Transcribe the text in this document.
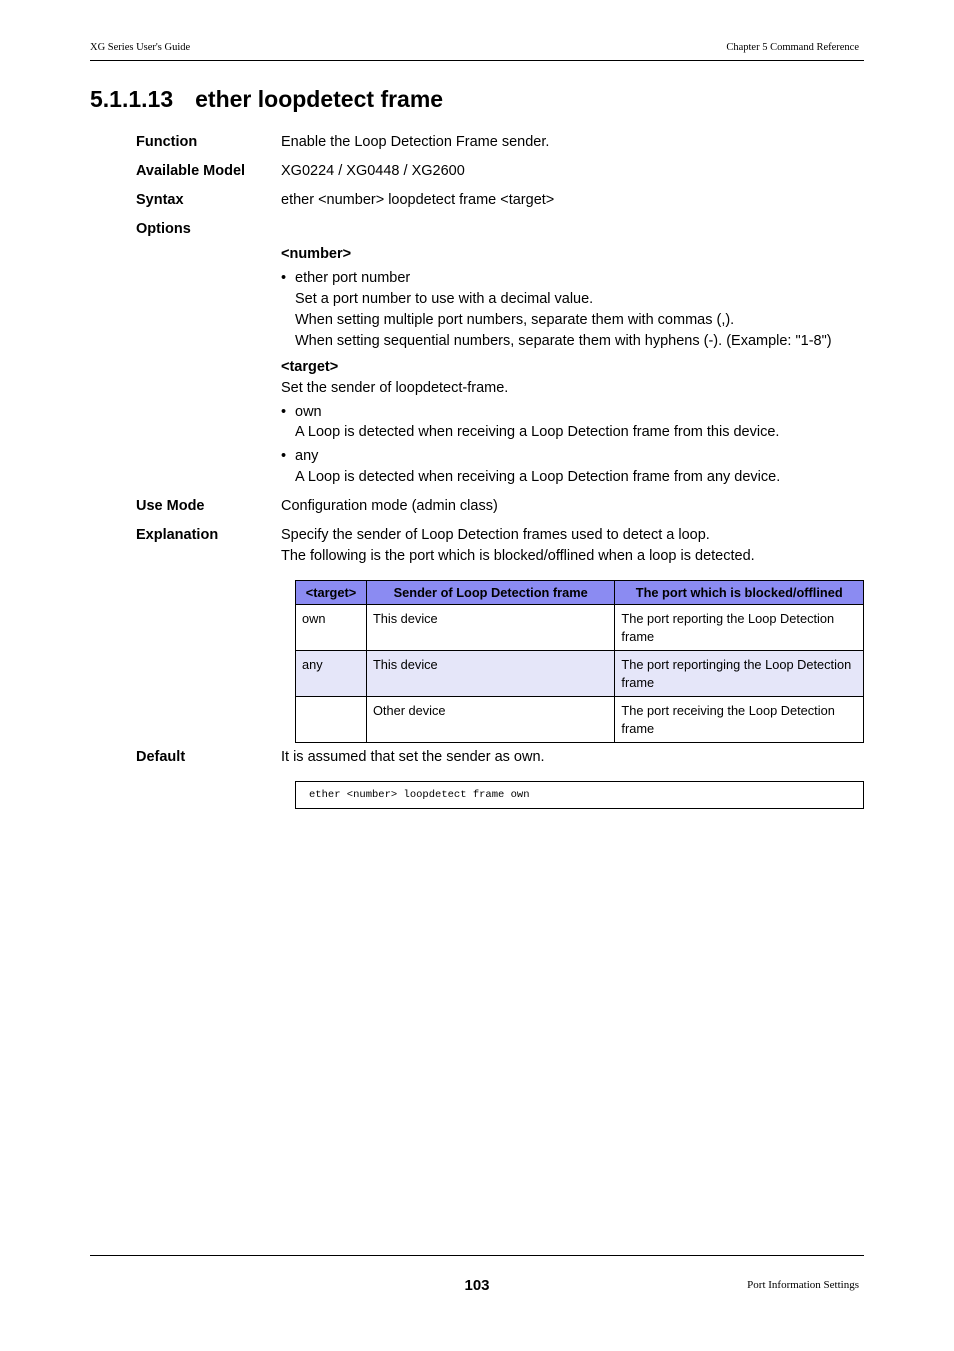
XG Series User's Guide	Chapter 5 Command Reference
5.1.1.13 ether loopdetect frame
Function	Enable the Loop Detection Frame sender.
Available Model XG0224 / XG0448 / XG2600
Syntax	ether <number> loopdetect frame <target>
Options
<number>
• ether port number
Set a port number to use with a decimal value.
When setting multiple port numbers, separate them with commas (,).
When setting sequential numbers, separate them with hyphens (-). (Example: "1-8")
<target>
Set the sender of loopdetect-frame.
• own
A Loop is detected when receiving a Loop Detection frame from this device.
• any
A Loop is detected when receiving a Loop Detection frame from any device.
Use Mode	Configuration mode (admin class)
Explanation	Specify the sender of Loop Detection frames used to detect a loop.
The following is the port which is blocked/offlined when a loop is detected.
<target>	Sender of Loop Detection frame	The port which is blocked/offlined
own	This device	The port reporting the Loop Detection frame
any	This device	The port reportinging the Loop Detection frame
	Other device	The port receiving the Loop Detection frame
Default	It is assumed that set the sender as own.
ether <number> loopdetect frame own
103	Port Information Settings
